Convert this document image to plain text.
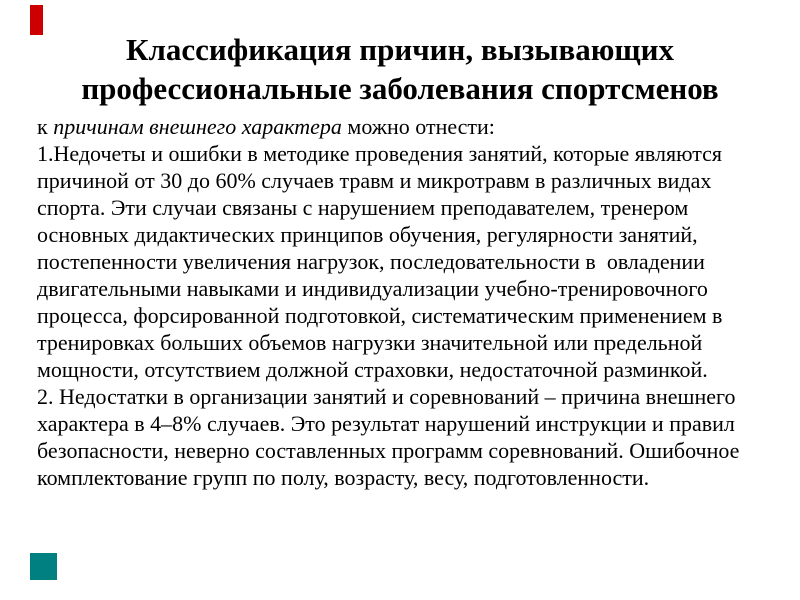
Классификация причин, вызывающих
профессиональные заболевания спортсменов
к причинам внешнего характера можно отнести:
1.Недочеты и ошибки в методике проведения занятий, которые являются
причиной от 30 до 60% случаев травм и микротравм в различных видах
спорта. Эти случаи связаны с нарушением преподавателем, тренером
основных дидактических принципов обучения, регулярности занятий,
постепенности увеличения нагрузок, последовательности в  овладении
двигательными навыками и индивидуализации учебно-тренировочного
процесса, форсированной подготовкой, систематическим применением в
тренировках больших объемов нагрузки значительной или предельной
мощности, отсутствием должной страховки, недостаточной разминкой.
2. Недостатки в организации занятий и соревнований – причина внешнего
характера в 4–8% случаев. Это результат нарушений инструкции и правил
безопасности, неверно составленных программ соревнований. Ошибочное
комплектование групп по полу, возрасту, весу, подготовленности.
